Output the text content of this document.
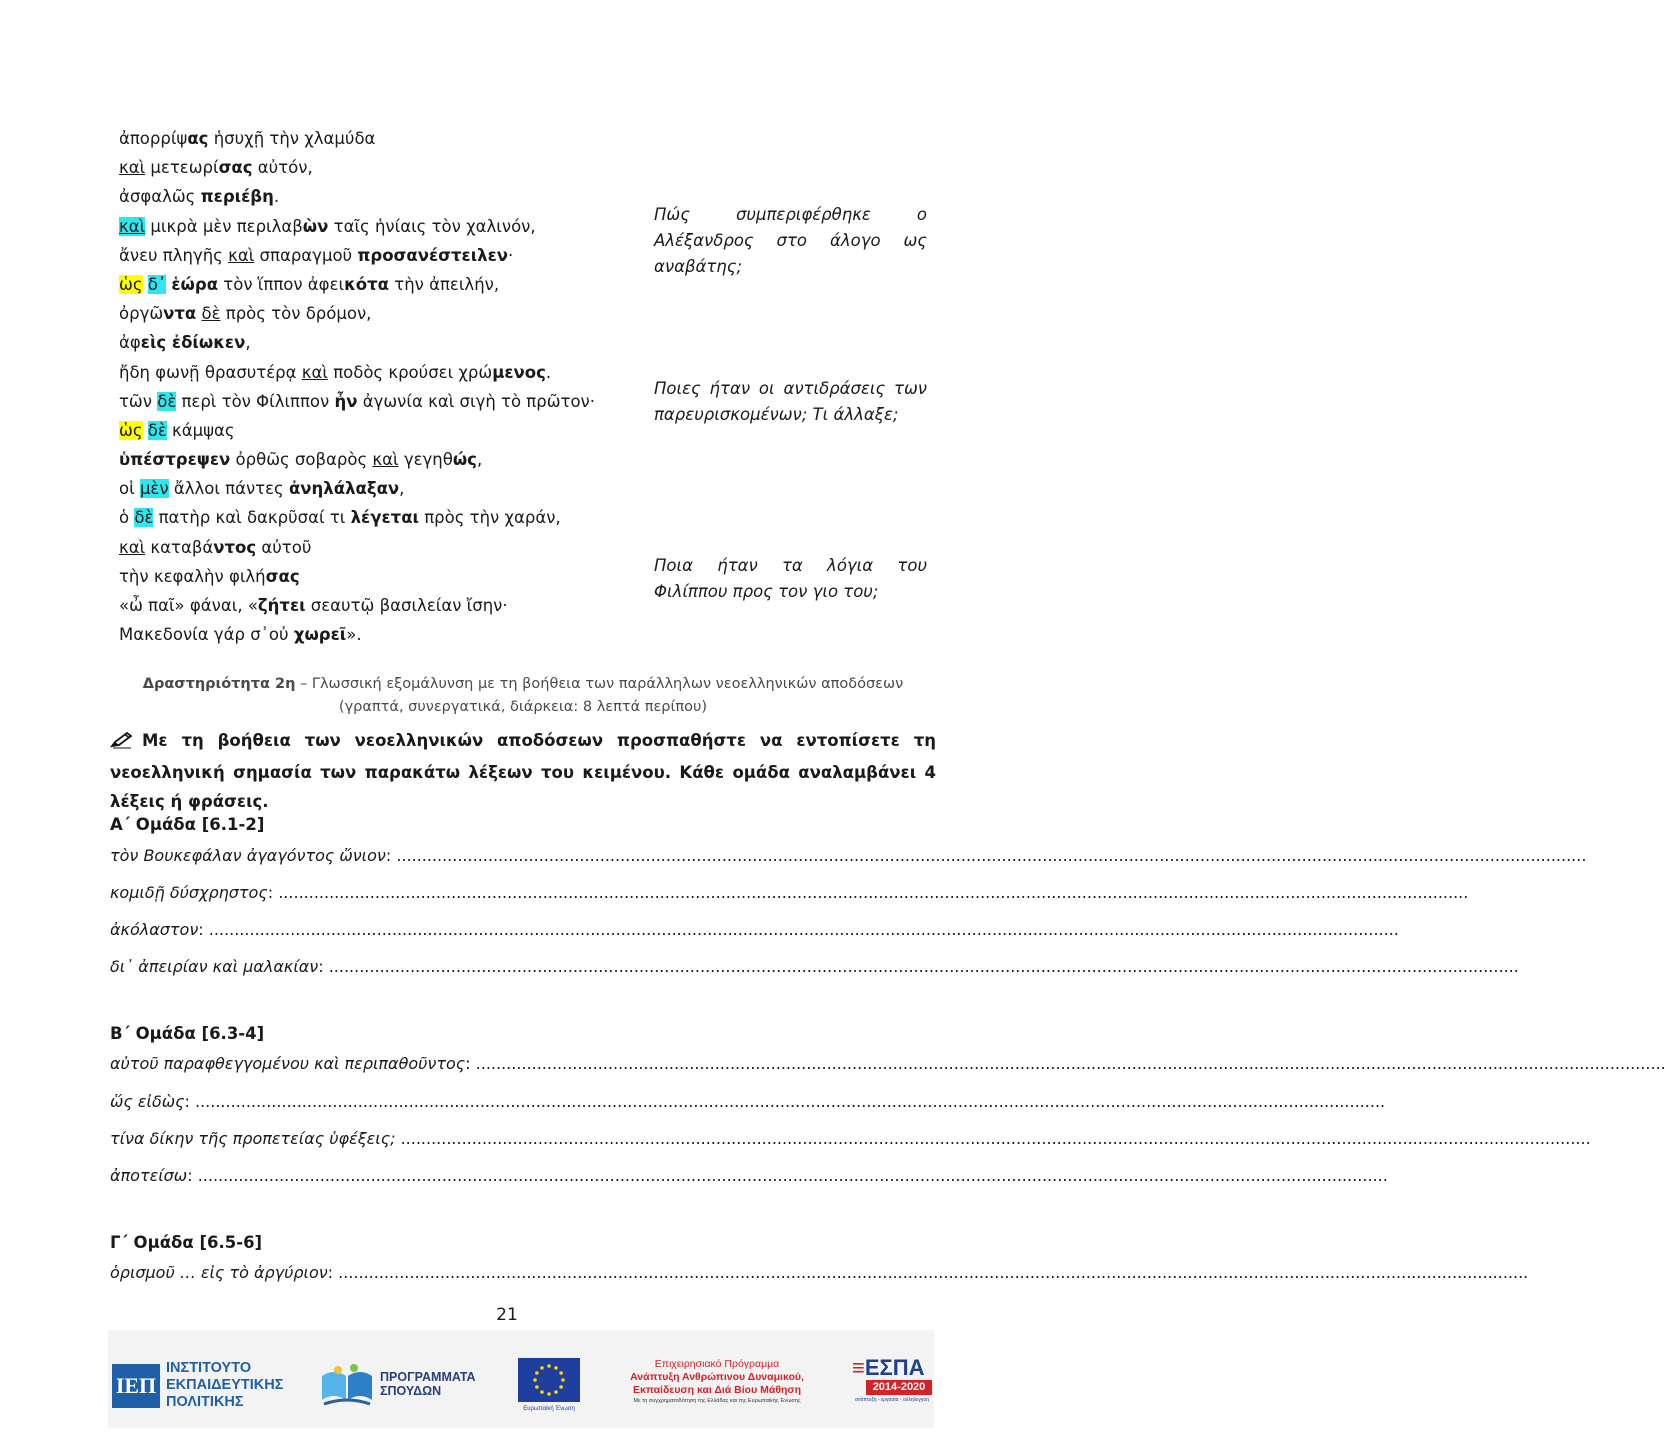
ἀπορρίψας ἡσυχῇ τὴν χλαμύδα
καὶ μετεωρίσας αὐτόν,
ἀσφαλῶς περιέβη.
καὶ μικρὰ μὲν περιλαβὼν ταῖς ἡνίαις τὸν χαλινόν,
ἄνευ πληγῆς καὶ σπαραγμοῦ προσανέστειλεν·
ὡς δ᾽ ἑώρα τὸν ἵππον ἀφεικότα τὴν ἀπειλήν,
ὀργῶντα δὲ πρὸς τὸν δρόμον,
ἀφεὶς ἐδίωκεν,
ἤδη φωνῇ θρασυτέρᾳ καὶ ποδὸς κρούσει χρώμενος.
τῶν δὲ περὶ τὸν Φίλιππον ἦν ἀγωνία καὶ σιγὴ τὸ πρῶτον·
ὡς δὲ κάμψας
ὑπέστρεψεν ὀρθῶς σοβαρὸς καὶ γεγηθώς,
οἱ μὲν ἄλλοι πάντες ἀνηλάλαξαν,
ὁ δὲ πατὴρ καὶ δακρῦσαί τι λέγεται πρὸς τὴν χαράν,
καὶ καταβάντος αὐτοῦ
τὴν κεφαλὴν φιλήσας
«ὦ παῖ» φάναι, «ζήτει σεαυτῷ βασιλείαν ἴσην·
Μακεδονία γάρ σ᾽οὐ χωρεῖ».
Πώς συμπεριφέρθηκε ο Αλέξανδρος στο άλογο ως αναβάτης;
Ποιες ήταν οι αντιδράσεις των παρευρισκομένων; Τι άλλαξε;
Ποια ήταν τα λόγια του Φιλίππου προς τον γιο του;
Δραστηριότητα 2η – Γλωσσική εξομάλυνση με τη βοήθεια των παράλληλων νεοελληνικών αποδόσεων
(γραπτά, συνεργατικά, διάρκεια: 8 λεπτά περίπου)
Με τη βοήθεια των νεοελληνικών αποδόσεων προσπαθήστε να εντοπίσετε τη νεοελληνική σημασία των παρακάτω λέξεων του κειμένου. Κάθε ομάδα αναλαμβάνει 4 λέξεις ή φράσεις.
Α΄ Ομάδα [6.1-2]
τὸν Βουκεφάλαν ἀγαγόντος ὤνιον: ..........................................................................................................................................................................................................................................
κομιδῇ δύσχρηστος: ..........................................................................................................................................................................................................................................
ἀκόλαστον: ..........................................................................................................................................................................................................................................
δι᾽ ἀπειρίαν καὶ μαλακίαν: ..........................................................................................................................................................................................................................................
Β΄ Ομάδα [6.3-4]
αὐτοῦ παραφθεγγομένου καὶ περιπαθοῦντος: ..........................................................................................................................................................................................................................................
ὥς εἰδὼς: ..........................................................................................................................................................................................................................................
τίνα δίκην τῆς προπετείας ὑφέξεις; ..........................................................................................................................................................................................................................................
ἀποτείσω: ..........................................................................................................................................................................................................................................
Γ΄ Ομάδα [6.5-6]
ὁρισμοῦ … εἰς τὸ ἀργύριον: ..........................................................................................................................................................................................................................................
21
ΙΕΠ
ΙΝΣΤΙΤΟΥΤΟ
ΕΚΠΑΙΔΕΥΤΙΚΗΣ
ΠΟΛΙΤΙΚΗΣ
ΠΡΟΓΡΑΜΜΑΤΑ
ΣΠΟΥΔΩΝ
Ευρωπαϊκή Ένωση
Επιχειρησιακό Πρόγραμμα
Ανάπτυξη Ανθρώπινου Δυναμικού,
Εκπαίδευση και Διά Βίου Μάθηση
Με τη συγχρηματοδότηση της Ελλάδας και της Ευρωπαϊκής Ένωσης
≡ΕΣΠΑ
2014-2020
ανάπτυξη - εργασία - αλληλεγγύη
